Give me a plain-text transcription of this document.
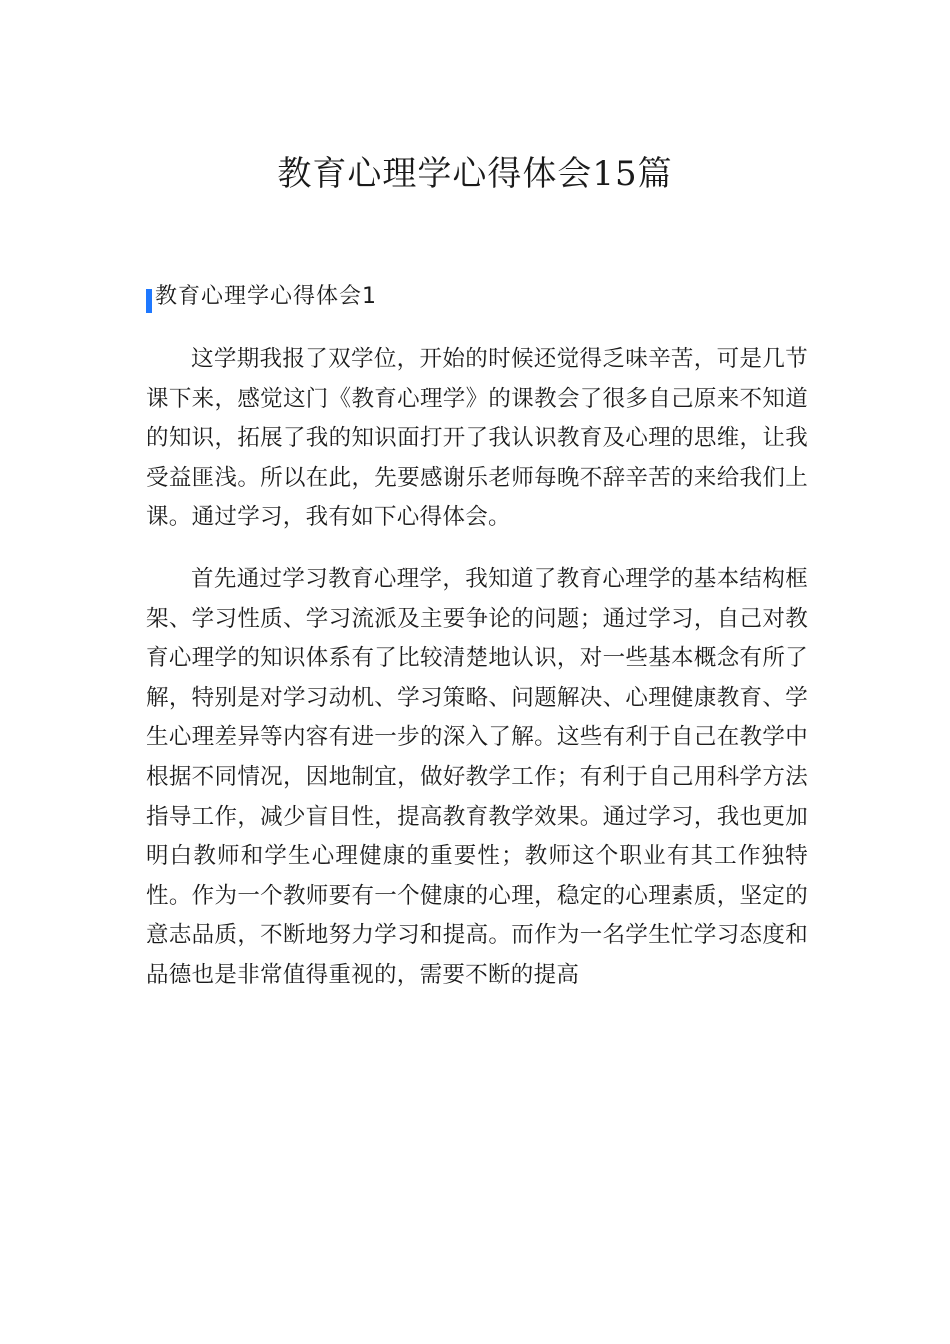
教育心理学心得体会15篇
教育心理学心得体会1

这学期我报了双学位，开始的时候还觉得乏味辛苦，可是几节课下来，感觉这门《教育心理学》的课教会了很多自己原来不知道的知识，拓展了我的知识面打开了我认识教育及心理的思维，让我受益匪浅。所以在此，先要感谢乐老师每晚不辞辛苦的来给我们上课。通过学习，我有如下心得体会。

首先通过学习教育心理学，我知道了教育心理学的基本结构框架、学习性质、学习流派及主要争论的问题；通过学习，自己对教育心理学的知识体系有了比较清楚地认识，对一些基本概念有所了解，特别是对学习动机、学习策略、问题解决、心理健康教育、学生心理差异等内容有进一步的深入了解。这些有利于自己在教学中根据不同情况，因地制宜，做好教学工作；有利于自己用科学方法指导工作，减少盲目性，提高教育教学效果。通过学习，我也更加明白教师和学生心理健康的重要性；教师这个职业有其工作独特性。作为一个教师要有一个健康的心理，稳定的心理素质，坚定的意志品质，不断地努力学习和提高。而作为一名学生忙学习态度和品德也是非常值得重视的，需要不断的提高
